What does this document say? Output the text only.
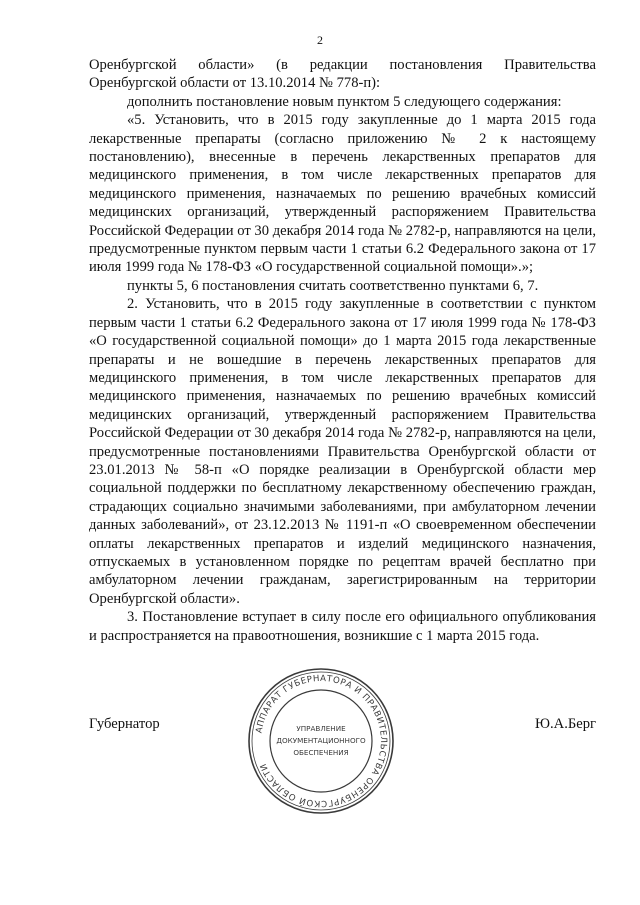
2

Оренбургской области» (в редакции постановления Правительства Оренбургской области от 13.10.2014 № 778-п):

дополнить постановление новым пунктом 5 следующего содержания:

«5. Установить, что в 2015 году закупленные до 1 марта 2015 года лекарственные препараты (согласно приложению № 2 к настоящему постановлению), внесенные в перечень лекарственных препаратов для медицинского применения, в том числе лекарственных препаратов для медицинского применения, назначаемых по решению врачебных комиссий медицинских организаций, утвержденный распоряжением Правительства Российской Федерации от 30 декабря 2014 года № 2782-р, направляются на цели, предусмотренные пунктом первым части 1 статьи 6.2 Федерального закона от 17 июля 1999 года № 178-ФЗ «О государственной социальной помощи».»;

пункты 5, 6 постановления считать соответственно пунктами 6, 7.

2. Установить, что в 2015 году закупленные в соответствии с пунктом первым части 1 статьи 6.2 Федерального закона от 17 июля 1999 года № 178-ФЗ «О государственной социальной помощи» до 1 марта 2015 года лекарственные препараты и не вошедшие в перечень лекарственных препаратов для медицинского применения, в том числе лекарственных препаратов для медицинского применения, назначаемых по решению врачебных комиссий медицинских организаций, утвержденный распоряжением Правительства Российской Федерации от 30 декабря 2014 года № 2782-р, направляются на цели, предусмотренные постановлениями Правительства Оренбургской области от 23.01.2013 № 58-п «О порядке реализации в Оренбургской области мер социальной поддержки по бесплатному лекарственному обеспечению граждан, страдающих социально значимыми заболеваниями, при амбулаторном лечении данных заболеваний», от 23.12.2013 № 1191-п «О своевременном обеспечении оплаты лекарственных препаратов и изделий медицинского назначения, отпускаемых в установленном порядке по рецептам врачей бесплатно при амбулаторном лечении гражданам, зарегистрированным на территории Оренбургской области».

3. Постановление вступает в силу после его официального опубликования и распространяется на правоотношения, возникшие с 1 марта 2015 года.

АППАРАТ ГУБЕРНАТОРА И ПРАВИТЕЛЬСТВА ОРЕНБУРГСКОЙ ОБЛАСТИ
УПРАВЛЕНИЕ
ДОКУМЕНТАЦИОННОГО
ОБЕСПЕЧЕНИЯ
Губернатор	Ю.А.Берг
